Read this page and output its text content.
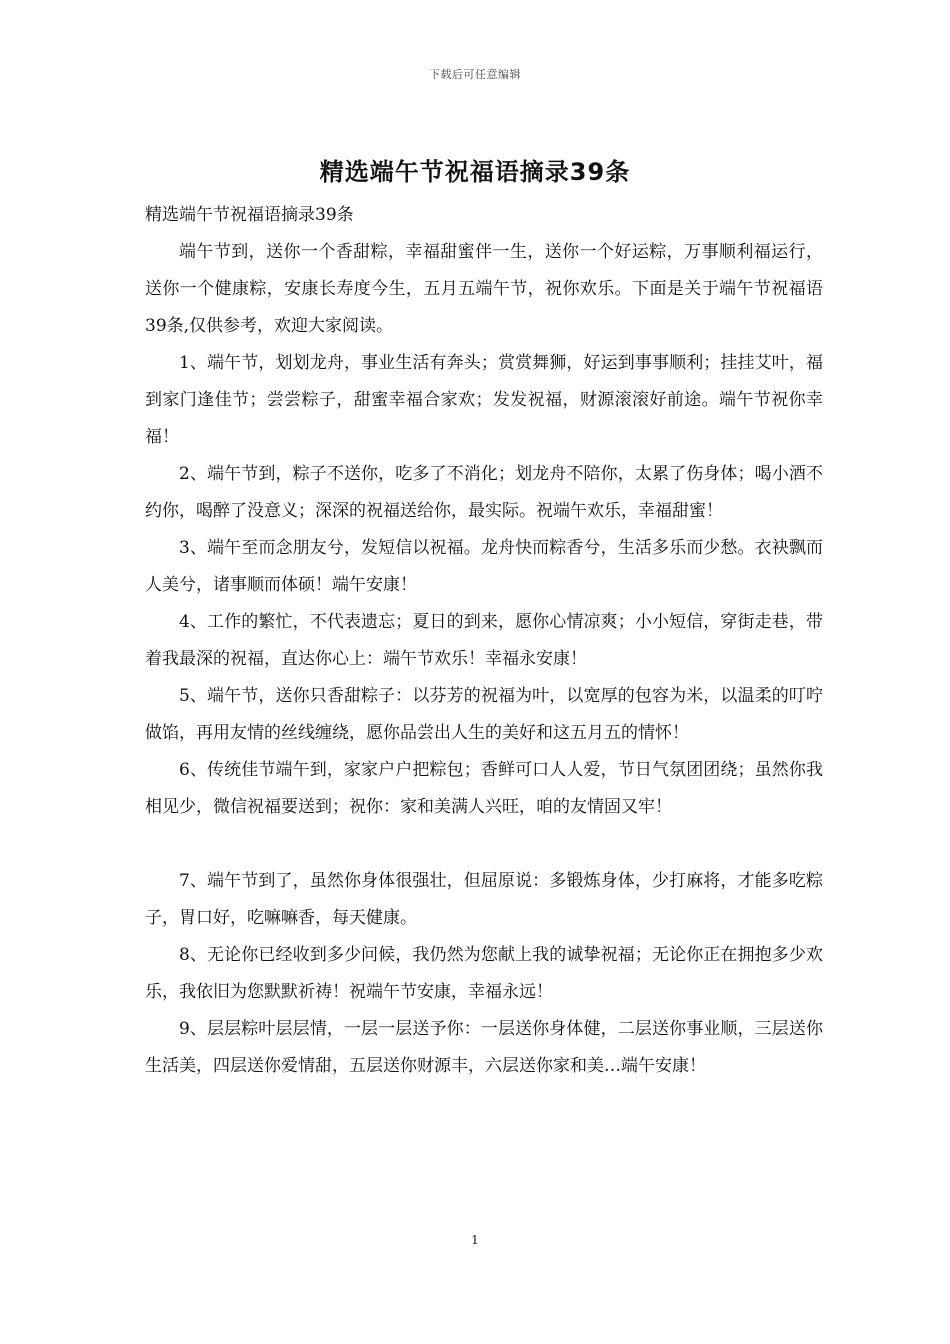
下载后可任意编辑
精选端午节祝福语摘录39条

精选端午节祝福语摘录39条

端午节到，送你一个香甜粽，幸福甜蜜伴一生，送你一个好运粽，万事顺利福运行，送你一个健康粽，安康长寿度今生，五月五端午节，祝你欢乐。下面是关于端午节祝福语39条,仅供参考，欢迎大家阅读。

1、端午节，划划龙舟，事业生活有奔头；赏赏舞狮，好运到事事顺利；挂挂艾叶，福到家门逢佳节；尝尝粽子，甜蜜幸福合家欢；发发祝福，财源滚滚好前途。端午节祝你幸福！

2、端午节到，粽子不送你，吃多了不消化；划龙舟不陪你，太累了伤身体；喝小酒不约你，喝醉了没意义；深深的祝福送给你，最实际。祝端午欢乐，幸福甜蜜！

3、端午至而念朋友兮，发短信以祝福。龙舟快而粽香兮，生活多乐而少愁。衣袂飘而人美兮，诸事顺而体硕！端午安康！

4、工作的繁忙，不代表遗忘；夏日的到来，愿你心情凉爽；小小短信，穿街走巷，带着我最深的祝福，直达你心上：端午节欢乐！幸福永安康！

5、端午节，送你只香甜粽子：以芬芳的祝福为叶，以宽厚的包容为米，以温柔的叮咛做馅，再用友情的丝线缠绕，愿你品尝出人生的美好和这五月五的情怀！

6、传统佳节端午到，家家户户把粽包；香鲜可口人人爱，节日气氛团团绕；虽然你我相见少，微信祝福要送到；祝你：家和美满人兴旺，咱的友情固又牢！

7、端午节到了，虽然你身体很强壮，但屈原说：多锻炼身体，少打麻将，才能多吃粽子，胃口好，吃嘛嘛香，每天健康。

8、无论你已经收到多少问候，我仍然为您献上我的诚挚祝福；无论你正在拥抱多少欢乐，我依旧为您默默祈祷！祝端午节安康，幸福永远！

9、层层粽叶层层情，一层一层送予你：一层送你身体健，二层送你事业顺，三层送你生活美，四层送你爱情甜，五层送你财源丰，六层送你家和美…端午安康！

1
